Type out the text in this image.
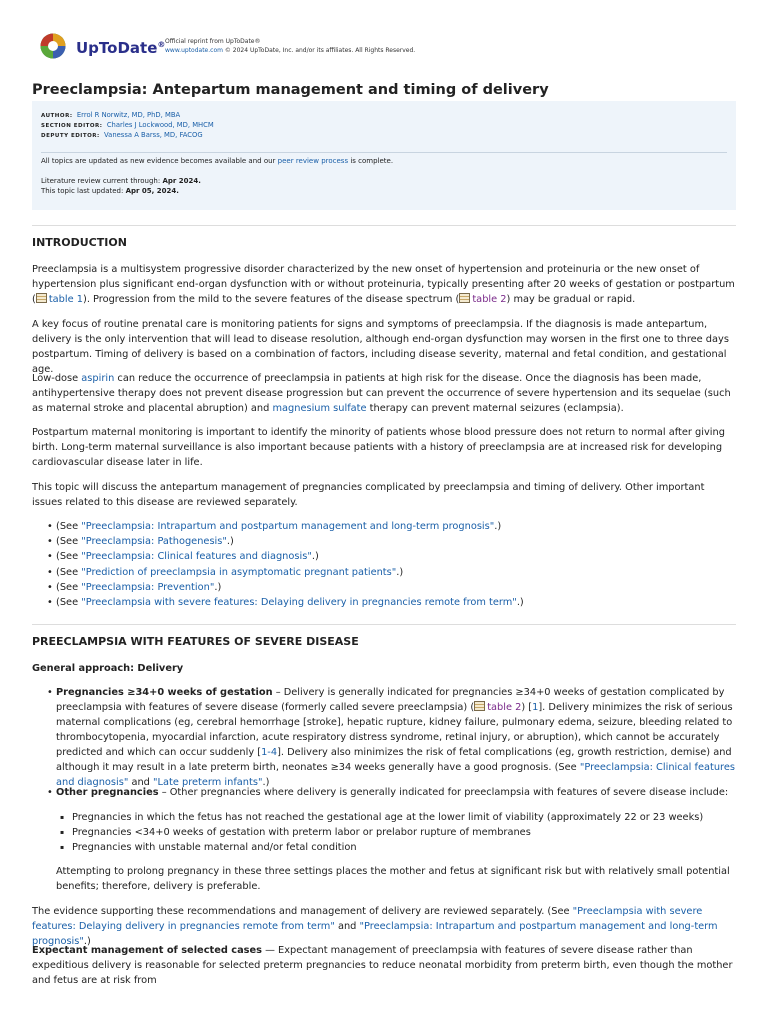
UpToDate® Official reprint from UpToDate®
www.uptodate.com © 2024 UpToDate, Inc. and/or its affiliates. All Rights Reserved.
Preeclampsia: Antepartum management and timing of delivery
AUTHOR: Errol R Norwitz, MD, PhD, MBA
SECTION EDITOR: Charles J Lockwood, MD, MHCM
DEPUTY EDITOR: Vanessa A Barss, MD, FACOG
All topics are updated as new evidence becomes available and our peer review process is complete.
Literature review current through: Apr 2024.
This topic last updated: Apr 05, 2024.
INTRODUCTION

Preeclampsia is a multisystem progressive disorder characterized by the new onset of hypertension and proteinuria or the new onset of hypertension plus significant end-organ dysfunction with or without proteinuria, typically presenting after 20 weeks of gestation or postpartum ( table 1). Progression from the mild to the severe features of the disease spectrum ( table 2) may be gradual or rapid.

A key focus of routine prenatal care is monitoring patients for signs and symptoms of preeclampsia. If the diagnosis is made antepartum, delivery is the only intervention that will lead to disease resolution, although end-organ dysfunction may worsen in the first one to three days postpartum. Timing of delivery is based on a combination of factors, including disease severity, maternal and fetal condition, and gestational age.

Low-dose aspirin can reduce the occurrence of preeclampsia in patients at high risk for the disease. Once the diagnosis has been made, antihypertensive therapy does not prevent disease progression but can prevent the occurrence of severe hypertension and its sequelae (such as maternal stroke and placental abruption) and magnesium sulfate therapy can prevent maternal seizures (eclampsia).

Postpartum maternal monitoring is important to identify the minority of patients whose blood pressure does not return to normal after giving birth. Long-term maternal surveillance is also important because patients with a history of preeclampsia are at increased risk for developing cardiovascular disease later in life.

This topic will discuss the antepartum management of pregnancies complicated by preeclampsia and timing of delivery. Other important issues related to this disease are reviewed separately.

• (See "Preeclampsia: Intrapartum and postpartum management and long-term prognosis".)
• (See "Preeclampsia: Pathogenesis".)
• (See "Preeclampsia: Clinical features and diagnosis".)
• (See "Prediction of preeclampsia in asymptomatic pregnant patients".)
• (See "Preeclampsia: Prevention".)
• (See "Preeclampsia with severe features: Delaying delivery in pregnancies remote from term".)
PREECLAMPSIA WITH FEATURES OF SEVERE DISEASE

General approach: Delivery

• Pregnancies ≥34+0 weeks of gestation – Delivery is generally indicated for pregnancies ≥34+0 weeks of gestation complicated by preeclampsia with features of severe disease (formerly called severe preeclampsia) ( table 2) [1]. Delivery minimizes the risk of serious maternal complications (eg, cerebral hemorrhage [stroke], hepatic rupture, kidney failure, pulmonary edema, seizure, bleeding related to thrombocytopenia, myocardial infarction, acute respiratory distress syndrome, retinal injury, or abruption), which cannot be accurately predicted and which can occur suddenly [1-4]. Delivery also minimizes the risk of fetal complications (eg, growth restriction, demise) and although it may result in a late preterm birth, neonates ≥34 weeks generally have a good prognosis. (See "Preeclampsia: Clinical features and diagnosis" and "Late preterm infants".)

• Other pregnancies – Other pregnancies where delivery is generally indicated for preeclampsia with features of severe disease include:

▪ Pregnancies in which the fetus has not reached the gestational age at the lower limit of viability (approximately 22 or 23 weeks)
▪ Pregnancies <34+0 weeks of gestation with preterm labor or prelabor rupture of membranes
▪ Pregnancies with unstable maternal and/or fetal condition

Attempting to prolong pregnancy in these three settings places the mother and fetus at significant risk but with relatively small potential benefits; therefore, delivery is preferable.

The evidence supporting these recommendations and management of delivery are reviewed separately. (See "Preeclampsia with severe features: Delaying delivery in pregnancies remote from term" and "Preeclampsia: Intrapartum and postpartum management and long-term prognosis".)

Expectant management of selected cases — Expectant management of preeclampsia with features of severe disease rather than expeditious delivery is reasonable for selected preterm pregnancies to reduce neonatal morbidity from preterm birth, even though the mother and fetus are at risk from
